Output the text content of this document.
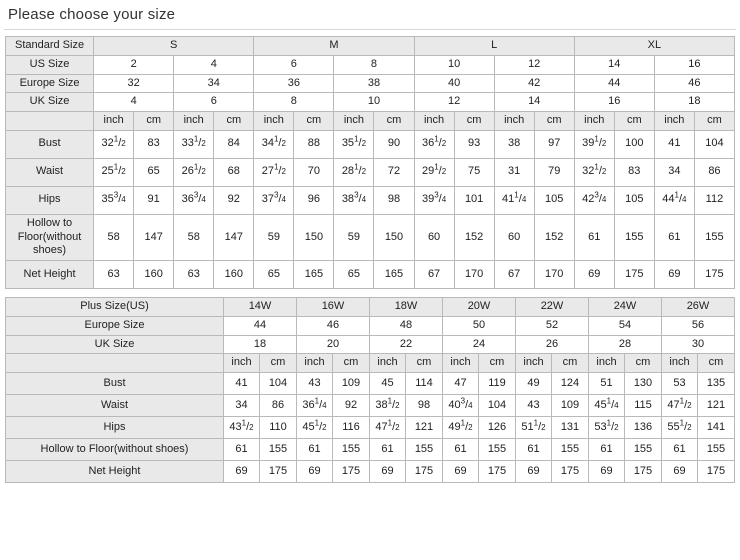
Please choose your size
Standard Size	S				M				L				XL			
US Size	2		4		6		8		10		12		14		16	
Europe Size	32		34		36		38		40		42		44		46	
UK Size	4		6		8		10		12		14		16		18	
	inch	cm	inch	cm	inch	cm	inch	cm	inch	cm	inch	cm	inch	cm	inch	cm
Bust	$32^1/2$	83	$33^1/2$	84	$34^1/2$	88	$35^1/2$	90	$36^1/2$	93	38	97	$39^1/2$	100	41	104
Waist	$25^1/2$	65	$26^1/2$	68	$27^1/2$	70	$28^1/2$	72	$29^1/2$	75	31	79	$32^1/2$	83	34	86
Hips	$35^3/4$	91	$36^3/4$	92	$37^3/4$	96	$38^3/4$	98	$39^3/4$	101	$41^1/4$	105	$42^3/4$	105	$44^1/4$	112
Hollow to Floor(without shoes)	58	147	58	147	59	150	59	150	60	152	60	152	61	155	61	155
Net Height	63	160	63	160	65	165	65	165	67	170	67	170	69	175	69	175
Plus Size(US)	14W		16W		18W		20W		22W		24W		26W	
Europe Size	44		46		48		50		52		54		56	
UK Size	18		20		22		24		26		28		30	
	inch	cm	inch	cm	inch	cm	inch	cm	inch	cm	inch	cm	inch	cm
Bust	41	104	43	109	45	114	47	119	49	124	51	130	53	135
Waist	34	86	$36^1/4$	92	$38^1/2$	98	$40^3/4$	104	43	109	$45^1/4$	115	$47^1/2$	121
Hips	$43^1/2$	110	$45^1/2$	116	$47^1/2$	121	$49^1/2$	126	$51^1/2$	131	$53^1/2$	136	$55^1/2$	141
Hollow to Floor(without shoes)	61	155	61	155	61	155	61	155	61	155	61	155	61	155
Net Height	69	175	69	175	69	175	69	175	69	175	69	175	69	175
